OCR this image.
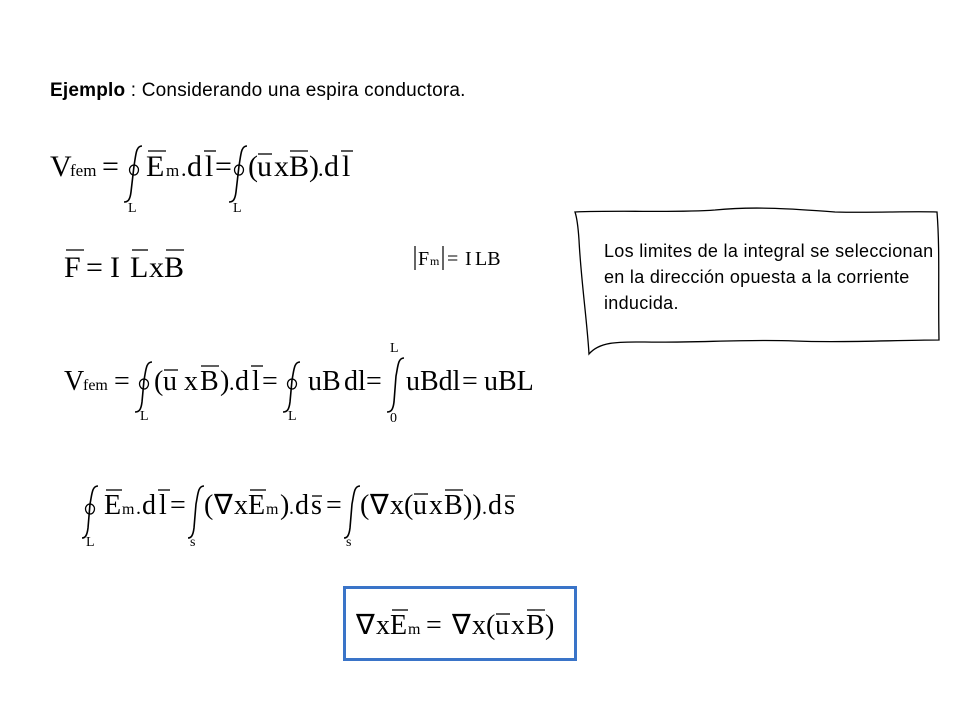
Ejemplo : Considerando una espira conductora.
V
fem =
L
E m . d l =
L
( u x B ) . d l
F = I L x B	F m = I LB	Los limites de la integral se seleccionan en la dirección opuesta a la corriente inducida.
V
fem =
L
( u x B ) . d l =
L
uB dl =
L
0
uBdl = uBL
L
E m . d l =
s
( ∇ x E m ) . d s =
s
( ∇ x ( u x B )) . d s
∇ x E m = ∇ x ( u x B )
